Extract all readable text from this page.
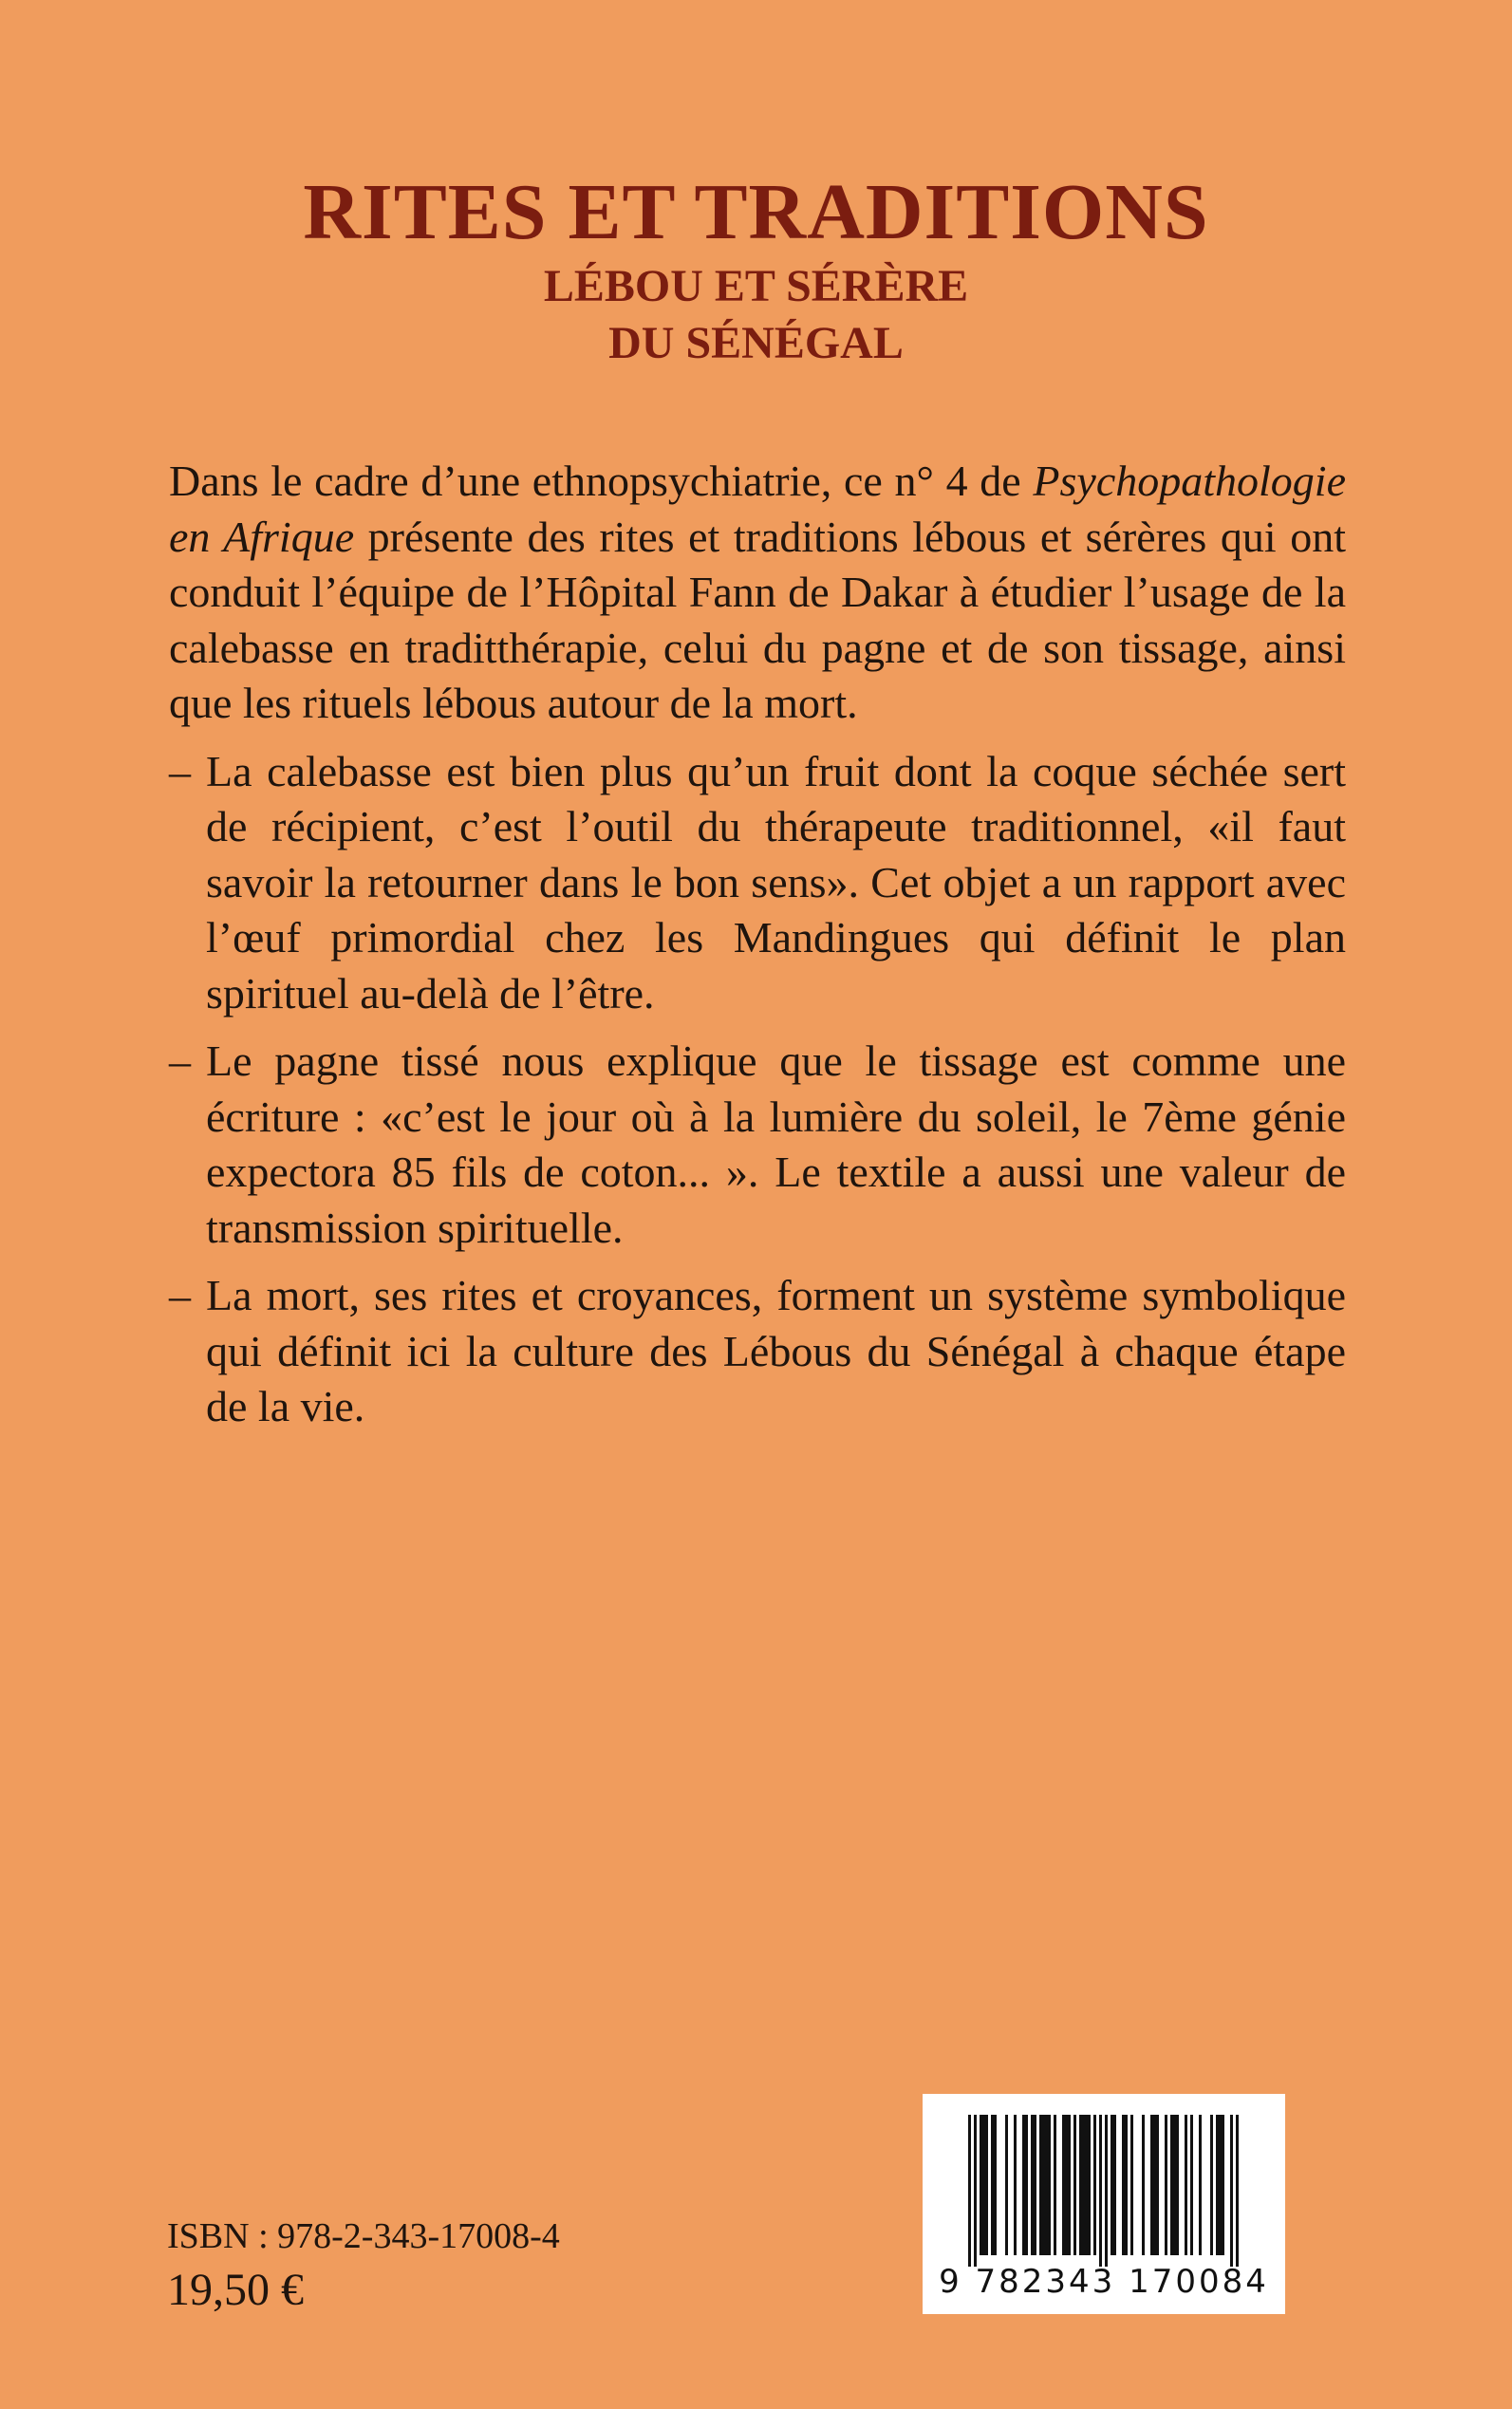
RITES ET TRADITIONS
LÉBOU ET SÉRÈRE
DU SÉNÉGAL

Dans le cadre d’une ethnopsychiatrie, ce n° 4 de Psychopathologie en Afrique présente des rites et traditions lébous et sérères qui ont conduit l’équipe de l’Hôpital Fann de Dakar à étudier l’usage de la calebasse en traditthérapie, celui du pagne et de son tissage, ainsi que les rituels lébous autour de la mort.

– La calebasse est bien plus qu’un fruit dont la coque séchée sert de récipient, c’est l’outil du thérapeute traditionnel, «il faut savoir la retourner dans le bon sens». Cet objet a un rapport avec l’œuf primordial chez les Mandingues qui définit le plan spirituel au-delà de l’être.

– Le pagne tissé nous explique que le tissage est comme une écriture : «c’est le jour où à la lumière du soleil, le 7ème génie expectora 85 fils de coton... ». Le textile a aussi une valeur de transmission spirituelle.

– La mort, ses rites et croyances, forment un système symbolique qui définit ici la culture des Lébous du Sénégal à chaque étape de la vie.

ISBN : 978-2-343-17008-4
19,50 €	9 782343 170084
